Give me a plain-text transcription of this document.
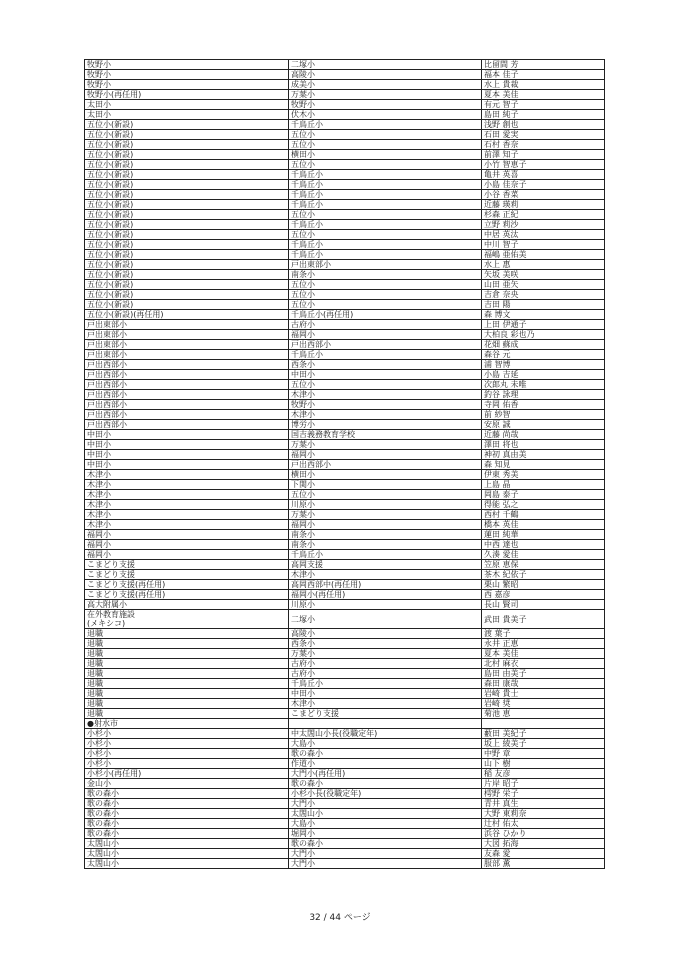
牧野小	二塚小	比留間 芳
牧野小	高陵小	福本 佳子
牧野小	成美小	水上 貴裁
牧野小(再任用)	万葉小	夏本 美佳
太田小	牧野小	有元 智子
太田小	伏木小	島田 純子
五位小(新設)	千鳥丘小	浅野 創也
五位小(新設)	五位小	石田 愛実
五位小(新設)	五位小	石村 香奈
五位小(新設)	横田小	前澤 知子
五位小(新設)	五位小	小竹 智恵子
五位小(新設)	千鳥丘小	亀井 英喜
五位小(新設)	千鳥丘小	小島 佳奈子
五位小(新設)	千鳥丘小	小谷 香菜
五位小(新設)	千鳥丘小	近藤 瑛莉
五位小(新設)	五位小	杉森 正紀
五位小(新設)	千鳥丘小	立野 莉沙
五位小(新設)	五位小	中居 英汰
五位小(新設)	千鳥丘小	中川 智子
五位小(新設)	千鳥丘小	福嶋 亜佑美
五位小(新設)	戸出東部小	水上 惠
五位小(新設)	南条小	矢坂 美咲
五位小(新設)	五位小	山田 亜矢
五位小(新設)	五位小	吉倉 奈央
五位小(新設)	五位小	吉田 陽
五位小(新設)(再任用)	千鳥丘小(再任用)	森 博文
戸出東部小	古府小	上田 伊通子
戸出東部小	福岡小	大柏良 彩也乃
戸出東部小	戸出西部小	花畑 蘇成
戸出東部小	千鳥丘小	森谷 元
戸出西部小	西条小	浦 智博
戸出西部小	中田小	小島 吉延
戸出西部小	五位小	次郎丸 未唯
戸出西部小	木津小	釣谷 詠理
戸出西部小	牧野小	寺岡 佑香
戸出西部小	木津小	前 紗智
戸出西部小	博労小	安原 誠
中田小	国吉義務教育学校	近藤 尚哉
中田小	万葉小	澤田 将也
中田小	福岡小	神初 真由美
中田小	戸出西部小	森 知見
木津小	横田小	伊東 秀美
木津小	下関小	上島 晶
木津小	五位小	岡島 泰子
木津小	川原小	得能 弘之
木津小	万葉小	西村 千鶴
木津小	福岡小	橋本 英佳
福岡小	南条小	蓮田 純華
福岡小	南条小	中西 達也
福岡小	千鳥丘小	久湊 愛佳
こまどり支援	高岡支援	笠原 恵保
こまどり支援	木津小	茶木 紀依子
こまどり支援(再任用)	高岡西部中(再任用)	栗山 繁昭
こまどり支援(再任用)	福岡小(再任用)	西 嘉彦
高大附属小	川原小	長山 賢司
在外教育施設
(メキシコ)	二塚小	武田 貴美子
退職	高陵小	渡 葉子
退職	西条小	永井 正恵
退職	万葉小	夏本 美佳
退職	古府小	北村 麻衣
退職	古府小	島田 由美子
退職	千鳥丘小	森田 康哉
退職	中田小	岩崎 貴士
退職	木津小	岩崎 奨
退職	こまどり支援	菊池 恵
●射水市		
小杉小	中太閤山小長(役職定年)	藪田 美紀子
小杉小	大島小	坂上 綾美子
小杉小	歌の森小	中野 章
小杉小	作道小	山下 樹
小杉小(再任用)	大門小(再任用)	稲 友彦
金山小	歌の森小	片岸 昭子
歌の森小	小杉小長(役職定年)	樗野 栄子
歌の森小	大門小	青井 真生
歌の森小	太閤山小	大野 東莉奈
歌の森小	大島小	辻村 佑太
歌の森小	堀岡小	浜谷 ひかり
太閤山小	歌の森小	大図 拓海
太閤山小	大門小	友森 愛
太閤山小	大門小	服部 薫
32 / 44 ページ
